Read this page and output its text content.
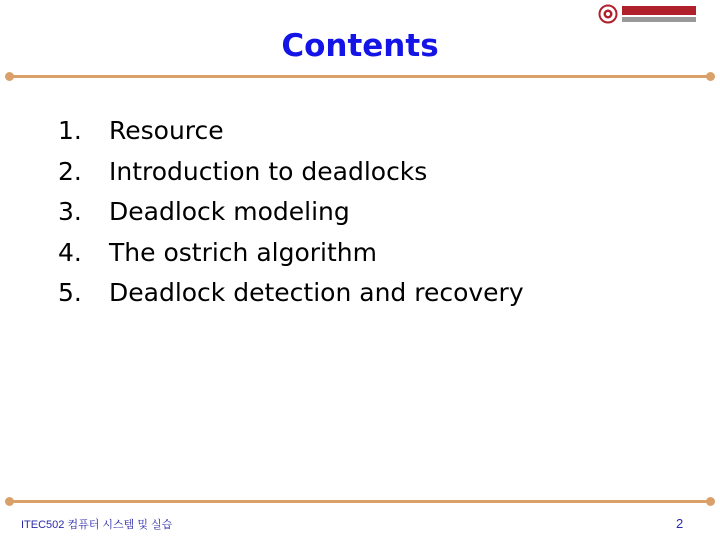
Contents
1. Resource
2. Introduction to deadlocks
3. Deadlock modeling
4. The ostrich algorithm
5. Deadlock detection and recovery
ITEC502 컴퓨터 시스템 및 실습	2
